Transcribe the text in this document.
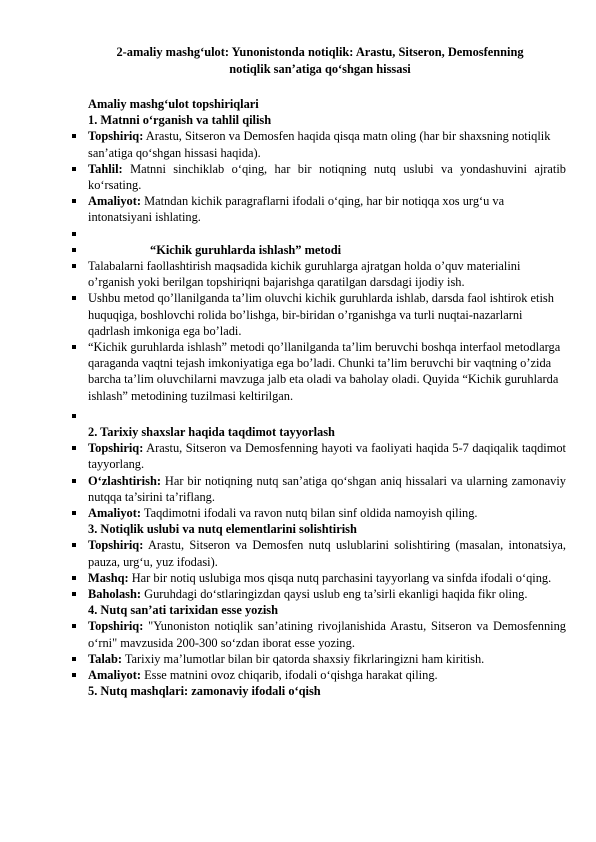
2-amaliy mashg‘ulot: Yunonistonda notiqlik: Arastu, Sitseron, Demosfenning
notiqlik san’atiga qo‘shgan hissasi
Amaliy mashg‘ulot topshiriqlari
1. Matnni o‘rganish va tahlil qilish
Topshiriq: Arastu, Sitseron va Demosfen haqida qisqa matn oling (har bir shaxsning notiqlik san’atiga qo‘shgan hissasi haqida).
Tahlil: Matnni sinchiklab o‘qing, har bir notiqning nutq uslubi va yondashuvini ajratib ko‘rsating.
Amaliyot: Matndan kichik paragraflarni ifodali o‘qing, har bir notiqqa xos urg‘u va intonatsiyani ishlating.
“Kichik guruhlarda ishlash” metodi
Talabalarni faollashtirish maqsadida kichik guruhlarga ajratgan holda o’quv materialini o’rganish yoki berilgan topshiriqni bajarishga qaratilgan darsdagi ijodiy ish.
Ushbu metod qo’llanilganda ta’lim oluvchi kichik guruhlarda ishlab, darsda faol ishtirok etish huquqiga, boshlovchi rolida bo’lishga, bir-biridan o’rganishga va turli nuqtai-nazarlarni qadrlash imkoniga ega bo’ladi.
“Kichik guruhlarda ishlash” metodi qo’llanilganda ta’lim beruvchi boshqa interfaol metodlarga qaraganda vaqtni tejash imkoniyatiga ega bo’ladi. Chunki ta’lim beruvchi bir vaqtning o’zida barcha ta’lim oluvchilarni mavzuga jalb eta oladi va baholay oladi. Quyida “Kichik guruhlarda ishlash” metodining tuzilmasi keltirilgan.
2. Tarixiy shaxslar haqida taqdimot tayyorlash
Topshiriq: Arastu, Sitseron va Demosfenning hayoti va faoliyati haqida 5-7 daqiqalik taqdimot tayyorlang.
O‘zlashtirish: Har bir notiqning nutq san’atiga qo‘shgan aniq hissalari va ularning zamonaviy nutqqa ta’sirini ta’riflang.
Amaliyot: Taqdimotni ifodali va ravon nutq bilan sinf oldida namoyish qiling.
3. Notiqlik uslubi va nutq elementlarini solishtirish
Topshiriq: Arastu, Sitseron va Demosfen nutq uslublarini solishtiring (masalan, intonatsiya, pauza, urg‘u, yuz ifodasi).
Mashq: Har bir notiq uslubiga mos qisqa nutq parchasini tayyorlang va sinfda ifodali o‘qing.
Baholash: Guruhdagi do‘stlaringizdan qaysi uslub eng ta’sirli ekanligi haqida fikr oling.
4. Nutq san’ati tarixidan esse yozish
Topshiriq: "Yunoniston notiqlik san’atining rivojlanishida Arastu, Sitseron va Demosfenning o‘rni" mavzusida 200-300 so‘zdan iborat esse yozing.
Talab: Tarixiy ma’lumotlar bilan bir qatorda shaxsiy fikrlaringizni ham kiritish.
Amaliyot: Esse matnini ovoz chiqarib, ifodali o‘qishga harakat qiling.
5. Nutq mashqlari: zamonaviy ifodali o‘qish
